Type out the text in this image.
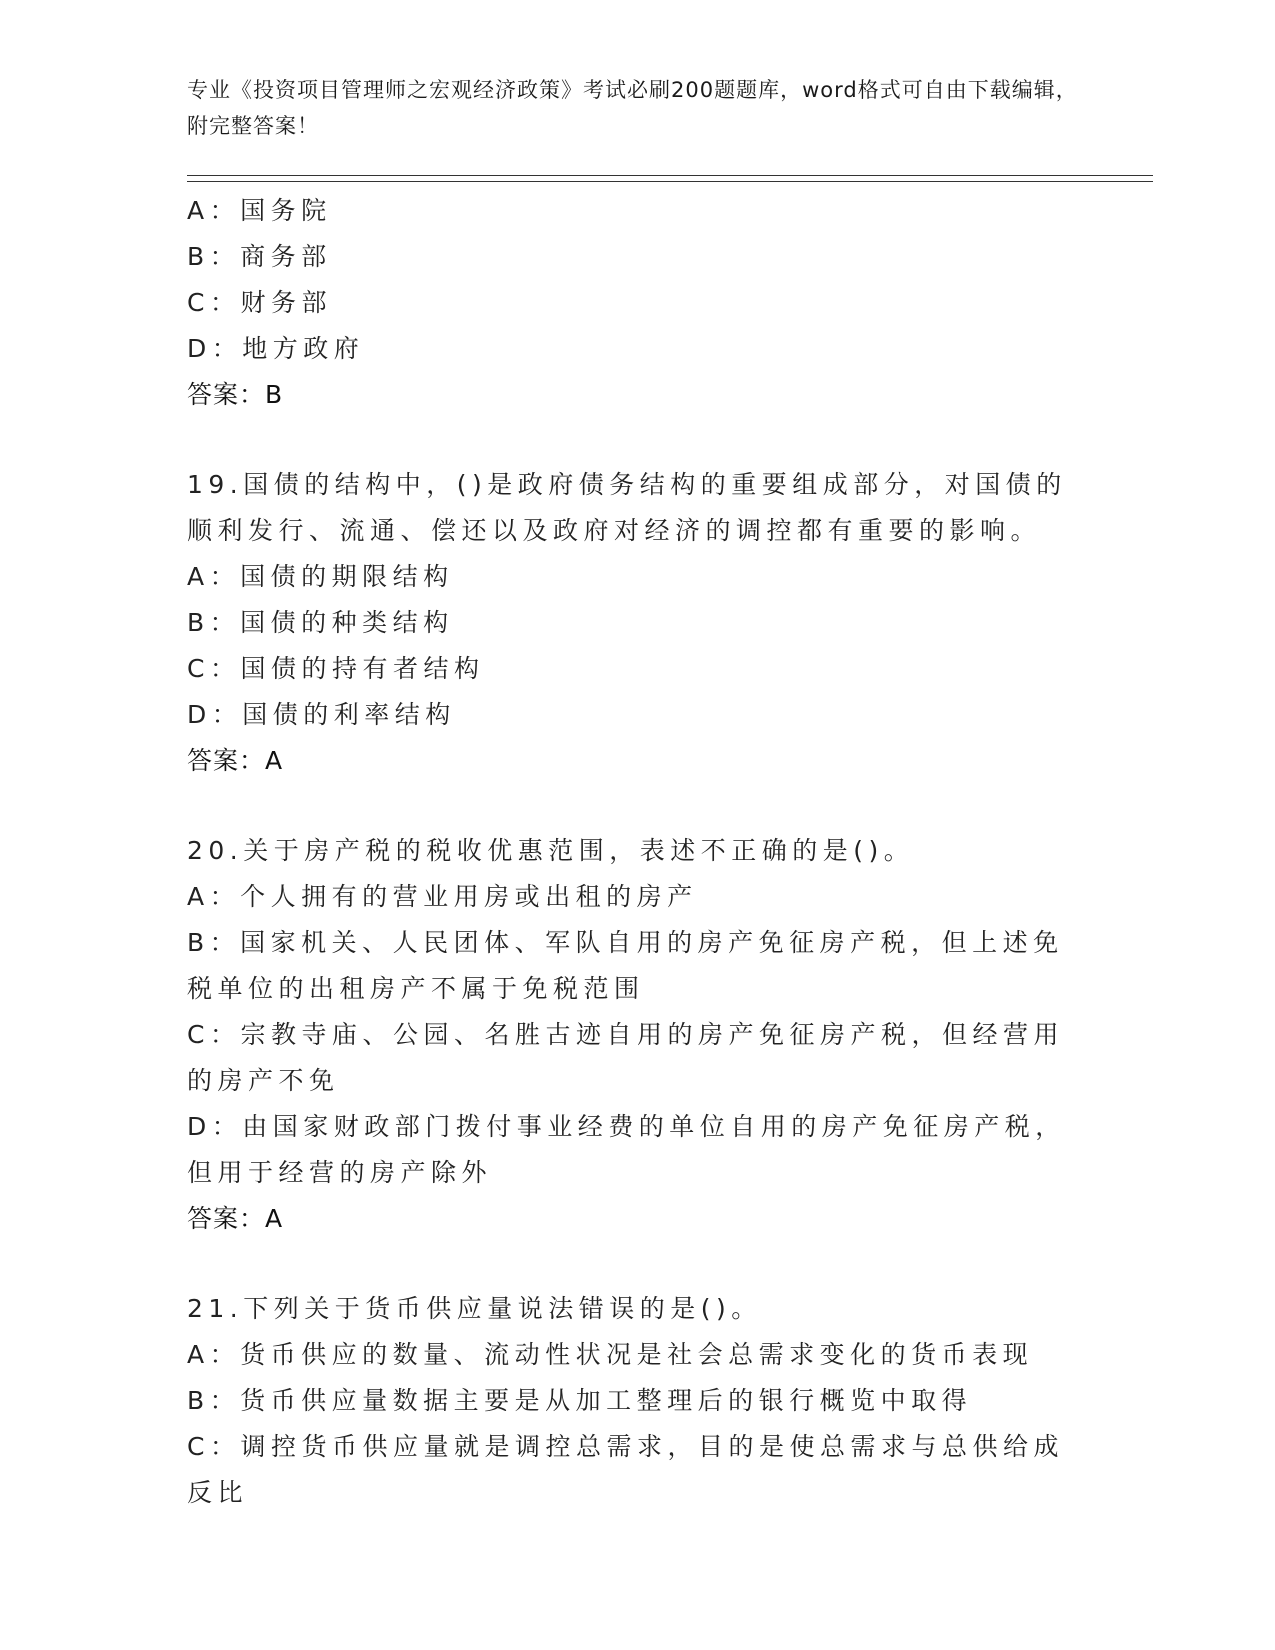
专业《投资项目管理师之宏观经济政策》考试必刷200题题库，word格式可自由下载编辑，附完整答案！
A：国务院
B：商务部
C：财务部
D：地方政府
答案：B
19.国债的结构中，()是政府债务结构的重要组成部分，对国债的顺利发行、流通、偿还以及政府对经济的调控都有重要的影响。
A：国债的期限结构
B：国债的种类结构
C：国债的持有者结构
D：国债的利率结构
答案：A
20.关于房产税的税收优惠范围，表述不正确的是()。
A：个人拥有的营业用房或出租的房产
B：国家机关、人民团体、军队自用的房产免征房产税，但上述免税单位的出租房产不属于免税范围
C：宗教寺庙、公园、名胜古迹自用的房产免征房产税，但经营用的房产不免
D：由国家财政部门拨付事业经费的单位自用的房产免征房产税，但用于经营的房产除外
答案：A
21.下列关于货币供应量说法错误的是()。
A：货币供应的数量、流动性状况是社会总需求变化的货币表现
B：货币供应量数据主要是从加工整理后的银行概览中取得
C：调控货币供应量就是调控总需求，目的是使总需求与总供给成反比
